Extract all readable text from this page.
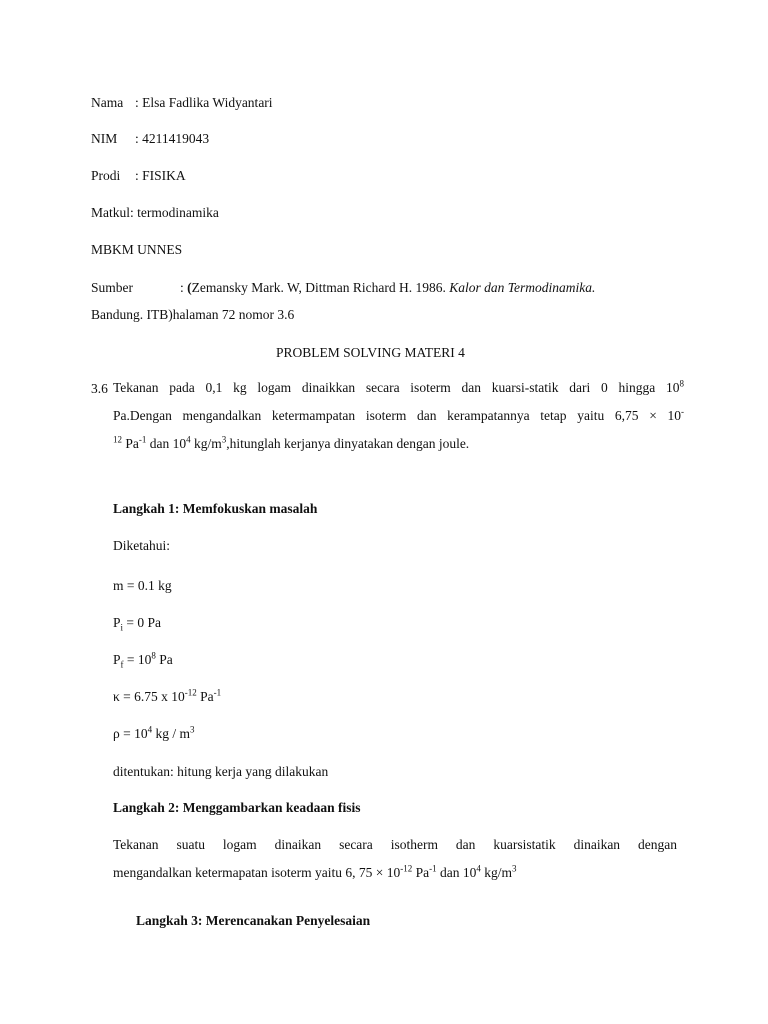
Nama : Elsa Fadlika Widyantari
NIM : 4211419043
Prodi : FISIKA
Matkul: termodinamika
MBKM UNNES
Sumber	: (Zemansky Mark. W, Dittman Richard H. 1986. Kalor dan Termodinamika.
Bandung. ITB)halaman 72 nomor 3.6
PROBLEM SOLVING MATERI 4
3.6 Tekanan pada 0,1 kg logam dinaikkan secara isoterm dan kuarsi-statik dari 0 hingga $10^8$
Pa.Dengan mengandalkan ketermampatan isoterm dan kerampatannya tetap yaitu 6,75 × 10-
$^{12}$ $Pa^{-1}$ dan $10^4$ $kg/m^3,hitunglah$ kerjanya dinyatakan dengan joule.
Langkah 1: Memfokuskan masalah
Diketahui:
m = 0.1 kg
$P_i = 0$ Pa
$P_f = 10^8$ Pa
κ = 6.75 x $10^{-12}$ $Pa^{-1}$
$\rho = 10^4$ kg / $m^3$
ditentukan: hitung kerja yang dilakukan
Langkah 2: Menggambarkan keadaan fisis
Tekanan suatu logam dinaikan secara isotherm dan kuarsistatik dinaikan dengan
mengandalkan ketermapatan isoterm yaitu 6, $75 \times 10^{-12}$ $Pa^{-1}$ dan $10^4$ $kg/m^3$
Langkah 3: Merencanakan Penyelesaian
